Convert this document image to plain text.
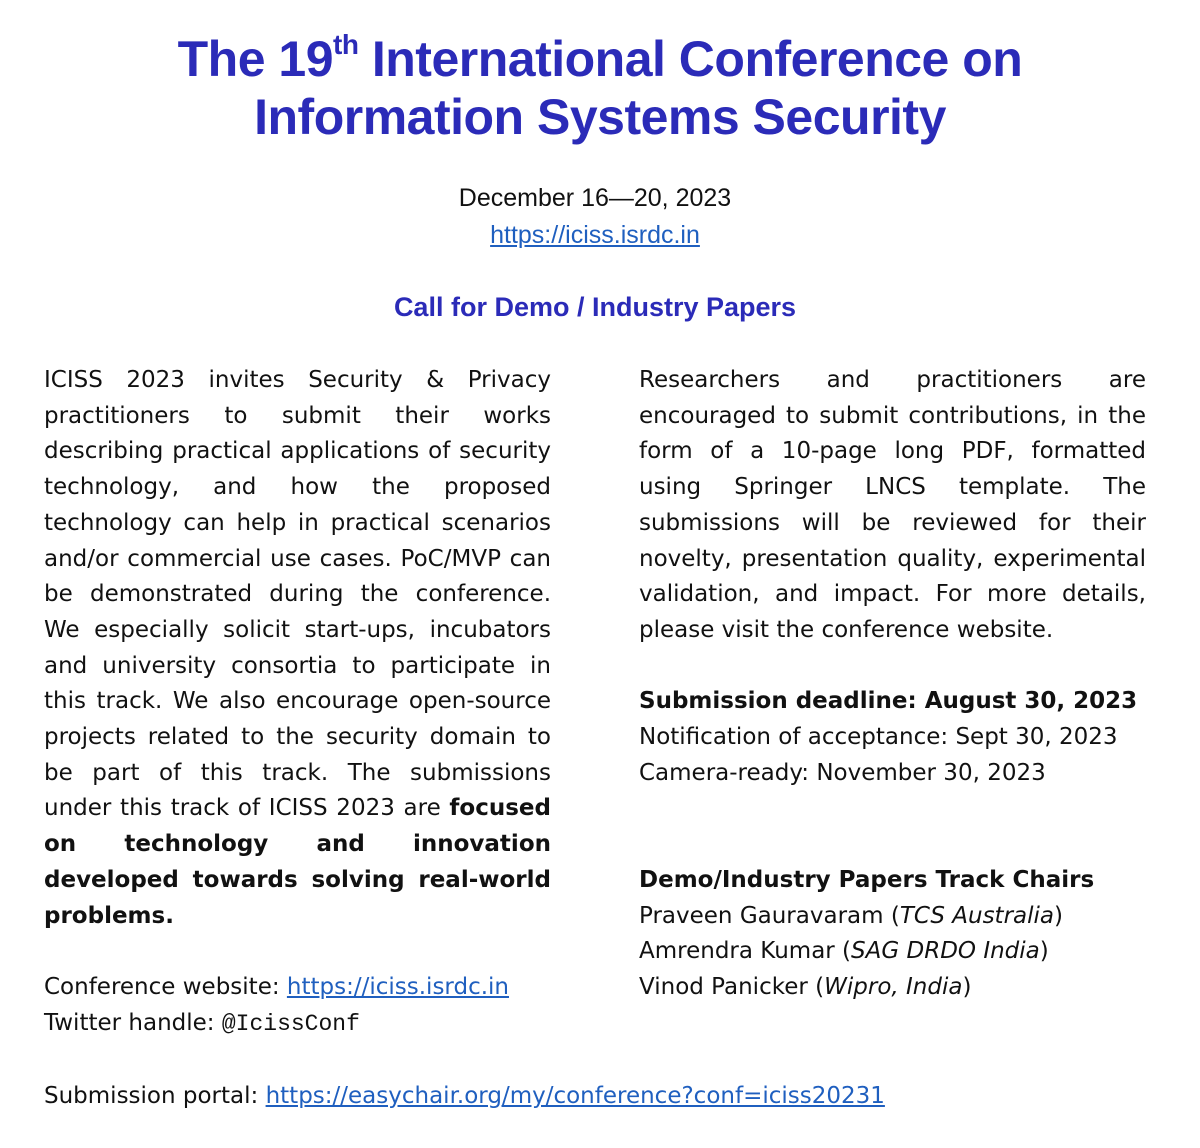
The 19th International Conference on
Information Systems Security
December 16—20, 2023
https://iciss.isrdc.in
Call for Demo / Industry Papers

ICISS 2023 invites Security & Privacy practitioners to submit their works describing practical applications of security technology, and how the proposed technology can help in practical scenarios and/or commercial use cases. PoC/MVP can be demonstrated during the conference. We especially solicit start-ups, incubators and university consortia to participate in this track. We also encourage open-source projects related to the security domain to be part of this track. The submissions under this track of ICISS 2023 are focused on technology and innovation developed towards solving real-world problems.

Conference website: https://iciss.isrdc.in
Twitter handle: @IcissConf

Researchers and practitioners are encouraged to submit contributions, in the form of a 10-page long PDF, formatted using Springer LNCS template. The submissions will be reviewed for their novelty, presentation quality, experimental validation, and impact. For more details, please visit the conference website.

Submission deadline: August 30, 2023
Notification of acceptance: Sept 30, 2023
Camera-ready: November 30, 2023
Demo/Industry Papers Track Chairs
Praveen Gauravaram (TCS Australia)
Amrendra Kumar (SAG DRDO India)
Vinod Panicker (Wipro, India)
Submission portal: https://easychair.org/my/conference?conf=iciss20231
